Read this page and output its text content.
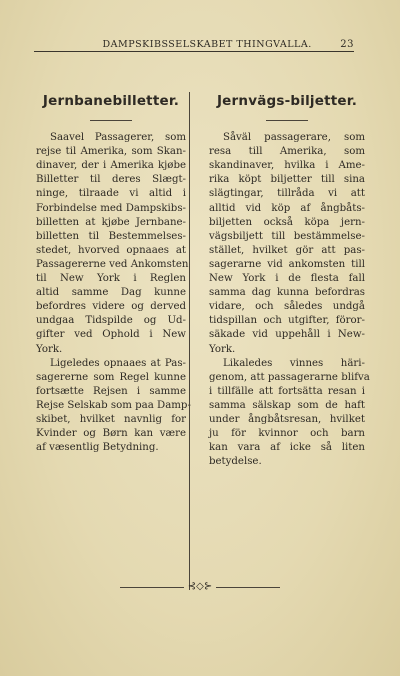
DAMPSKIBSSELSKABET THINGVALLA.	23
Jernbanebilletter.

Saavel Passagerer, som
rejse til Amerika, som Skan-
dinaver, der i Amerika kjøbe
Billetter til deres Slægt-
ninge, tilraade vi altid i
Forbindelse med Dampskibs-
billetten at kjøbe Jernbane-
billetten til Bestemmelses-
stedet, hvorved opnaaes at
Passagererne ved Ankomsten
til New York i Reglen
altid samme Dag kunne
befordres videre og derved
undgaa Tidspilde og Ud-
gifter ved Ophold i New
York.

Ligeledes opnaaes at Pas-
sagererne som Regel kunne
fortsætte Rejsen i samme
Rejse Selskab som paa Damp-
skibet, hvilket navnlig for
Kvinder og Børn kan være
af væsentlig Betydning.

Jernvägs-biljetter.

Såväl passagerare, som
resa till Amerika, som
skandinaver, hvilka i Ame-
rika köpt biljetter till sina
slägtingar, tillråda vi att
alltid vid köp af ångbåts-
biljetten också köpa jern-
vägsbiljett till bestämmelse-
stället, hvilket gör att pas-
sagerarne vid ankomsten till
New York i de flesta fall
samma dag kunna befordras
vidare, och således undgå
tidspillan och utgifter, föror-
säkade vid uppehåll i New-
York.

Likaledes vinnes häri-
genom, att passagerarne blifva
i tillfälle att fortsätta resan i
samma sälskap som de haft
under ångbåtsresan, hvilket
ju för kvinnor och barn
kan vara af icke så liten
betydelse.

⊰◇⊱
